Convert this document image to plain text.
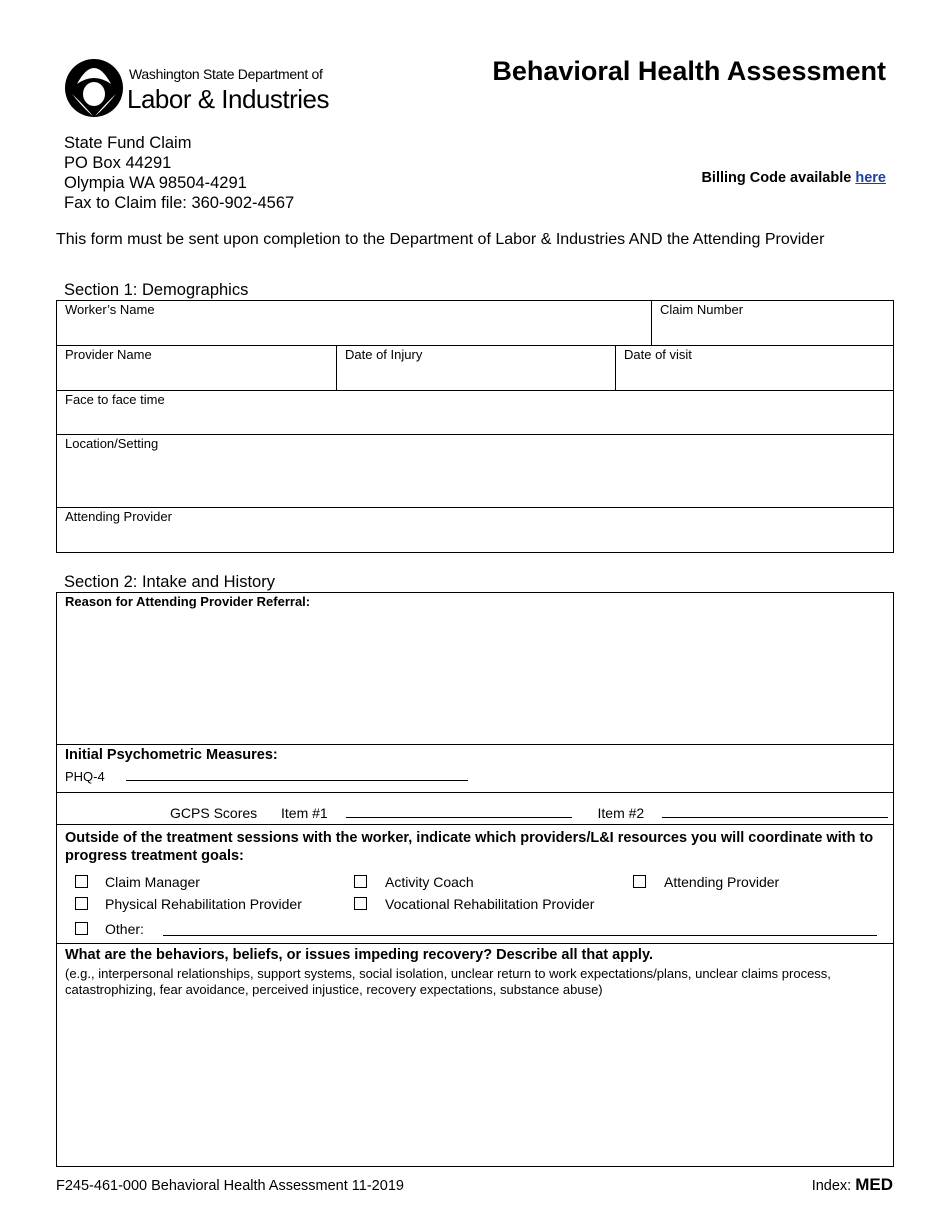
Washington State Department of
Labor & Industries
Behavioral Health Assessment
State Fund Claim
PO Box 44291
Olympia WA 98504-4291
Fax to Claim file: 360-902-4567
Billing Code available here
This form must be sent upon completion to the Department of Labor & Industries AND the Attending Provider
Section 1: Demographics
Worker’s Name	Claim Number
Provider Name	Date of Injury	Date of visit
Face to face time
Location/Setting
Attending Provider
Section 2: Intake and History
Reason for Attending Provider Referral:
Initial Psychometric Measures:
PHQ-4
GCPS Scores Item #1	Item #2
Outside of the treatment sessions with the worker, indicate which providers/L&I resources you will coordinate with to progress treatment goals:
Claim Manager	Activity Coach	Attending Provider
Physical Rehabilitation Provider	Vocational Rehabilitation Provider
Other:
What are the behaviors, beliefs, or issues impeding recovery? Describe all that apply.
(e.g., interpersonal relationships, support systems, social isolation, unclear return to work expectations/plans, unclear claims process, catastrophizing, fear avoidance, perceived injustice, recovery expectations, substance abuse)
F245-461-000 Behavioral Health Assessment 11-2019	Index: MED
